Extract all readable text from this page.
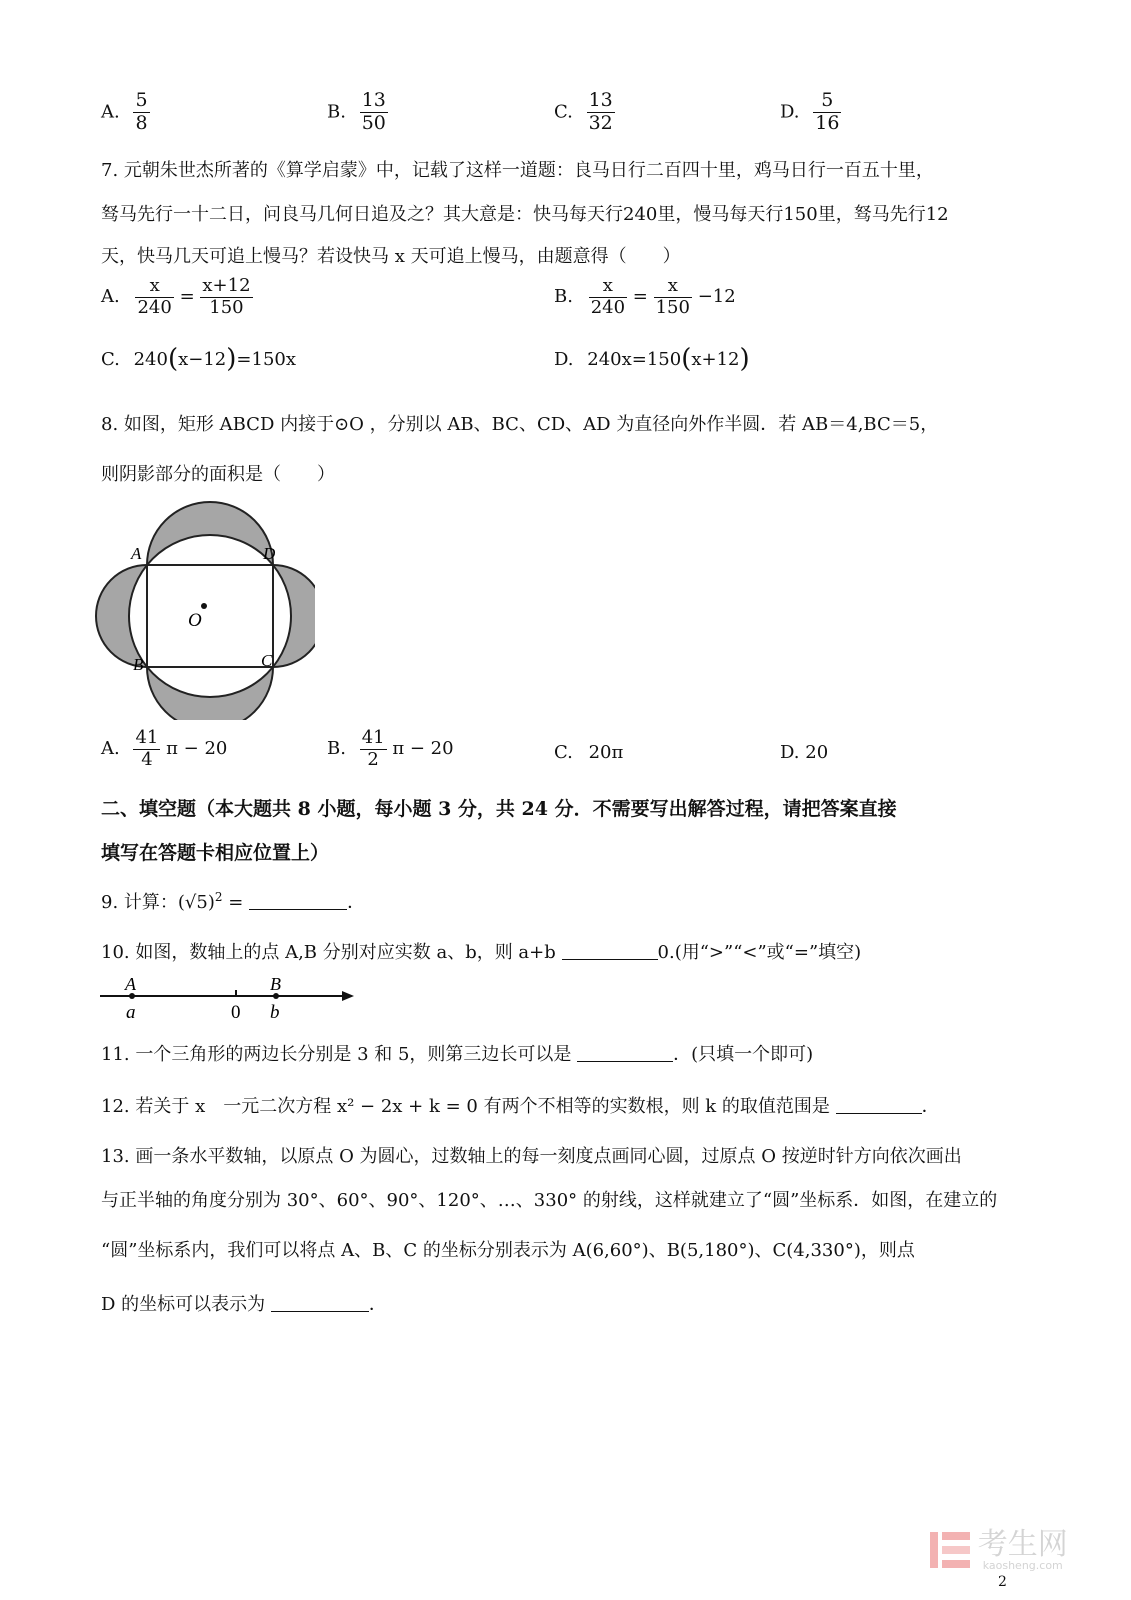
A. $\frac{5}{8}$	B. $\frac{13}{50}$	C. $\frac{13}{32}$	D. $\frac{5}{16}$
7. 元朝朱世杰所著的《算学启蒙》中，记载了这样一道题：良马日行二百四十里，鸡马日行一百五十里，
驽马先行一十二日，问良马几何日追及之？其大意是：快马每天行240里，慢马每天行150里，驽马先行12
天，快马几天可追上慢马？若设快马 x 天可追上慢马，由题意得（　　）
A. $\frac{x}{240} = \frac{x+12}{150}$	B. $\frac{x}{240} = \frac{x}{150} -12$
C. 240(x−12)=150x	D. 240x=150(x+12)
8. 如图，矩形 ABCD 内接于⊙O ，分别以 AB、BC、CD、AD 为直径向外作半圆．若 AB＝4,BC＝5，
则阴影部分的面积是（　　）
A	D
B	C
O
A. $\frac{41}{4}$ π − 20	B. $\frac{41}{2}$ π − 20	C. 20π	D. 20
二、填空题（本大题共 8 小题，每小题 3 分，共 24 分．不需要写出解答过程，请把答案直接
填写在答题卡相应位置上）
9. 计算：$(√5)^2$ =	．
10. 如图，数轴上的点 A,B 分别对应实数 a、b，则 a+b	0.(用“>”“<”或“=”填空)
A	B
a	0 b
11. 一个三角形的两边长分别是 3 和 5，则第三边长可以是	．(只填一个即可)
12. 若关于 x　一元二次方程 x² − 2x + k = 0 有两个不相等的实数根，则 k 的取值范围是	．
13. 画一条水平数轴，以原点 O 为圆心，过数轴上的每一刻度点画同心圆，过原点 O 按逆时针方向依次画出
与正半轴的角度分别为 30°、60°、90°、120°、…、330° 的射线，这样就建立了“圆”坐标系．如图，在建立的
“圆”坐标系内，我们可以将点 A、B、C 的坐标分别表示为 A(6,60°)、B(5,180°)、C(4,330°)，则点
D 的坐标可以表示为	．

考生网
kaosheng.com
2
